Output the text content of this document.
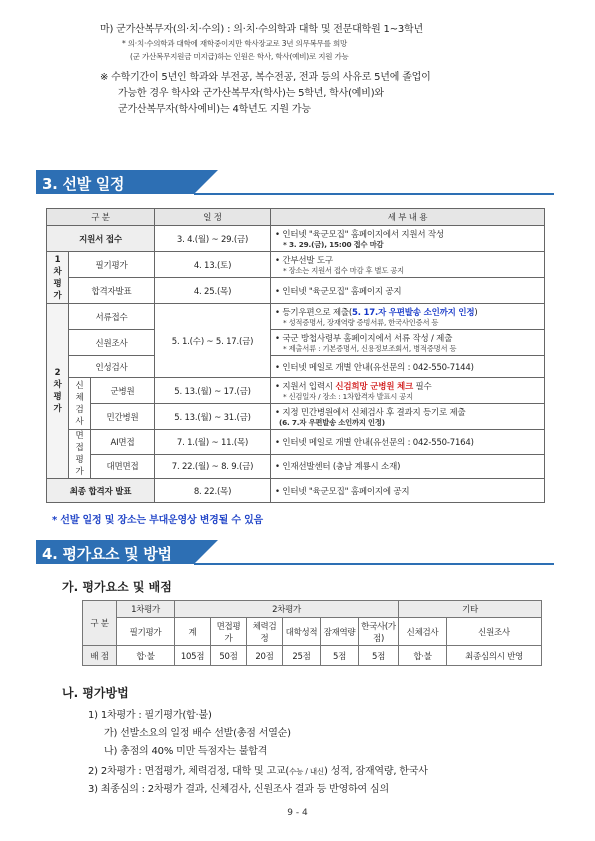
마) 군가산복무자(의·치·수의) : 의·치·수의학과 대학 및 전문대학원 1~3학년
* 의·치·수의학과 대학에 재학중이지만 학사장교로 3년 의무복무를 희망
(군 가산복무지원금 미지급)하는 인원은 학사, 학사(예비)로 지원 가능
※ 수학기간이 5년인 학과와 부전공, 복수전공, 전과 등의 사유로 5년에 졸업이
가능한 경우 학사와 군가산복무자(학사)는 5학년, 학사(예비)와
군가산복무자(학사예비)는 4학년도 지원 가능
3. 선발 일정
구 분			일 정	세 부 내 용
지원서 접수			3. 4.(월) ~ 29.(금)	• 인터넷 "육군모집" 홈페이지에서 지원서 작성
* 3. 29.(금), 15:00 접수 마감

1차평가	필기평가		4. 13.(토)	• 간부선발 도구
* 장소는 지원서 접수 마감 후 별도 공지

	합격자발표		4. 25.(목)	• 인터넷 "육군모집" 홈페이지 공지
2차평가	서류접수		5. 1.(수) ~ 5. 17.(금)	• 등기우편으로 제출(5. 17.자 우편발송 소인까지 인정)
* 성적증명서, 장재역량 증빙서류, 한국사인증서 등

	신원조사			• 국군 방첩사령부 홈페이지에서 서류 작성 / 제출
* 제출서류 : 기본증명서, 신용정보조회서, 병적증명서 등

	인성검사			• 인터넷 메일로 개별 안내(유선문의 : 042-550-7144)
	신체검사	군병원	5. 13.(월) ~ 17.(금)	• 지원서 입력시 신검희망 군병원 체크 필수
* 신검일자 / 장소 : 1차합격자 발표시 공지

		민간병원	5. 13.(월) ~ 31.(금)	• 지정 민간병원에서 신체검사 후 결과지 등기로 제출
(6. 7.자 우편발송 소인까지 인정)

	면접평가	AI면접	7. 1.(월) ~ 11.(목)	• 인터넷 메일로 개별 안내(유선문의 : 042-550-7164)
		대면면접	7. 22.(월) ~ 8. 9.(금)	• 인재선발센터 (충남 계룡시 소재)
최종 합격자 발표			8. 22.(목)	• 인터넷 "육군모집" 홈페이지에 공지
* 선발 일정 및 장소는 부대운영상 변경될 수 있음
4. 평가요소 및 방법
가. 평가요소 및 배점
구 분	1차평가	2차평가						기타	
	필기평가	계	면접평가	체력검정	대학성적	잠재역량	한국사(가점)	신체검사	신원조사
배 점	합·불	105점	50점	20점	25점	5점	5점	합·불	최종심의시 반영
나. 평가방법
1) 1차평가 : 필기평가(합·불)
가) 선발소요의 일정 배수 선발(총점 서열순)
나) 총점의 40% 미만 득점자는 불합격
2) 2차평가 : 면접평가, 체력검정, 대학 및 고교(수능 / 내신) 성적, 잠재역량, 한국사
3) 최종심의 : 2차평가 결과, 신체검사, 신원조사 결과 등 반영하여 심의
9 - 4
